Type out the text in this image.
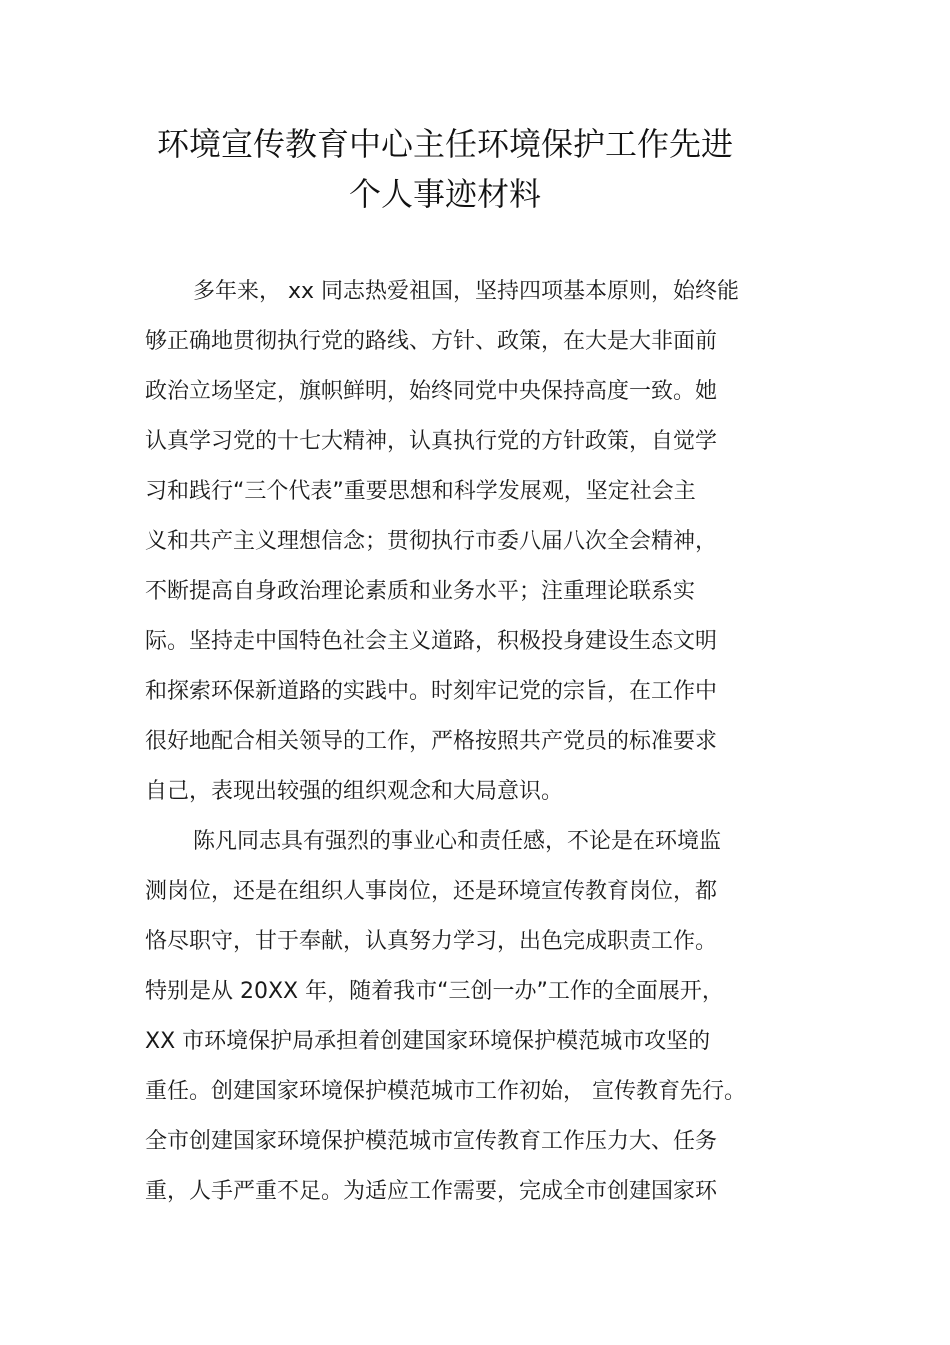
环境宣传教育中心主任环境保护工作先进
个人事迹材料
多年来， xx 同志热爱祖国，坚持四项基本原则，始终能
够正确地贯彻执行党的路线、方针、政策，在大是大非面前
政治立场坚定，旗帜鲜明，始终同党中央保持高度一致。她
认真学习党的十七大精神，认真执行党的方针政策，自觉学
习和践行“三个代表”重要思想和科学发展观，坚定社会主
义和共产主义理想信念；贯彻执行市委八届八次全会精神，
不断提高自身政治理论素质和业务水平；注重理论联系实
际。坚持走中国特色社会主义道路，积极投身建设生态文明
和探索环保新道路的实践中。时刻牢记党的宗旨，在工作中
很好地配合相关领导的工作，严格按照共产党员的标准要求
自己，表现出较强的组织观念和大局意识。
陈凡同志具有强烈的事业心和责任感，不论是在环境监
测岗位，还是在组织人事岗位，还是环境宣传教育岗位，都
恪尽职守，甘于奉献，认真努力学习，出色完成职责工作。
特别是从 20XX 年，随着我市“三创一办”工作的全面展开，
XX 市环境保护局承担着创建国家环境保护模范城市攻坚的
重任。创建国家环境保护模范城市工作初始， 宣传教育先行。
全市创建国家环境保护模范城市宣传教育工作压力大、任务
重，人手严重不足。为适应工作需要，完成全市创建国家环
